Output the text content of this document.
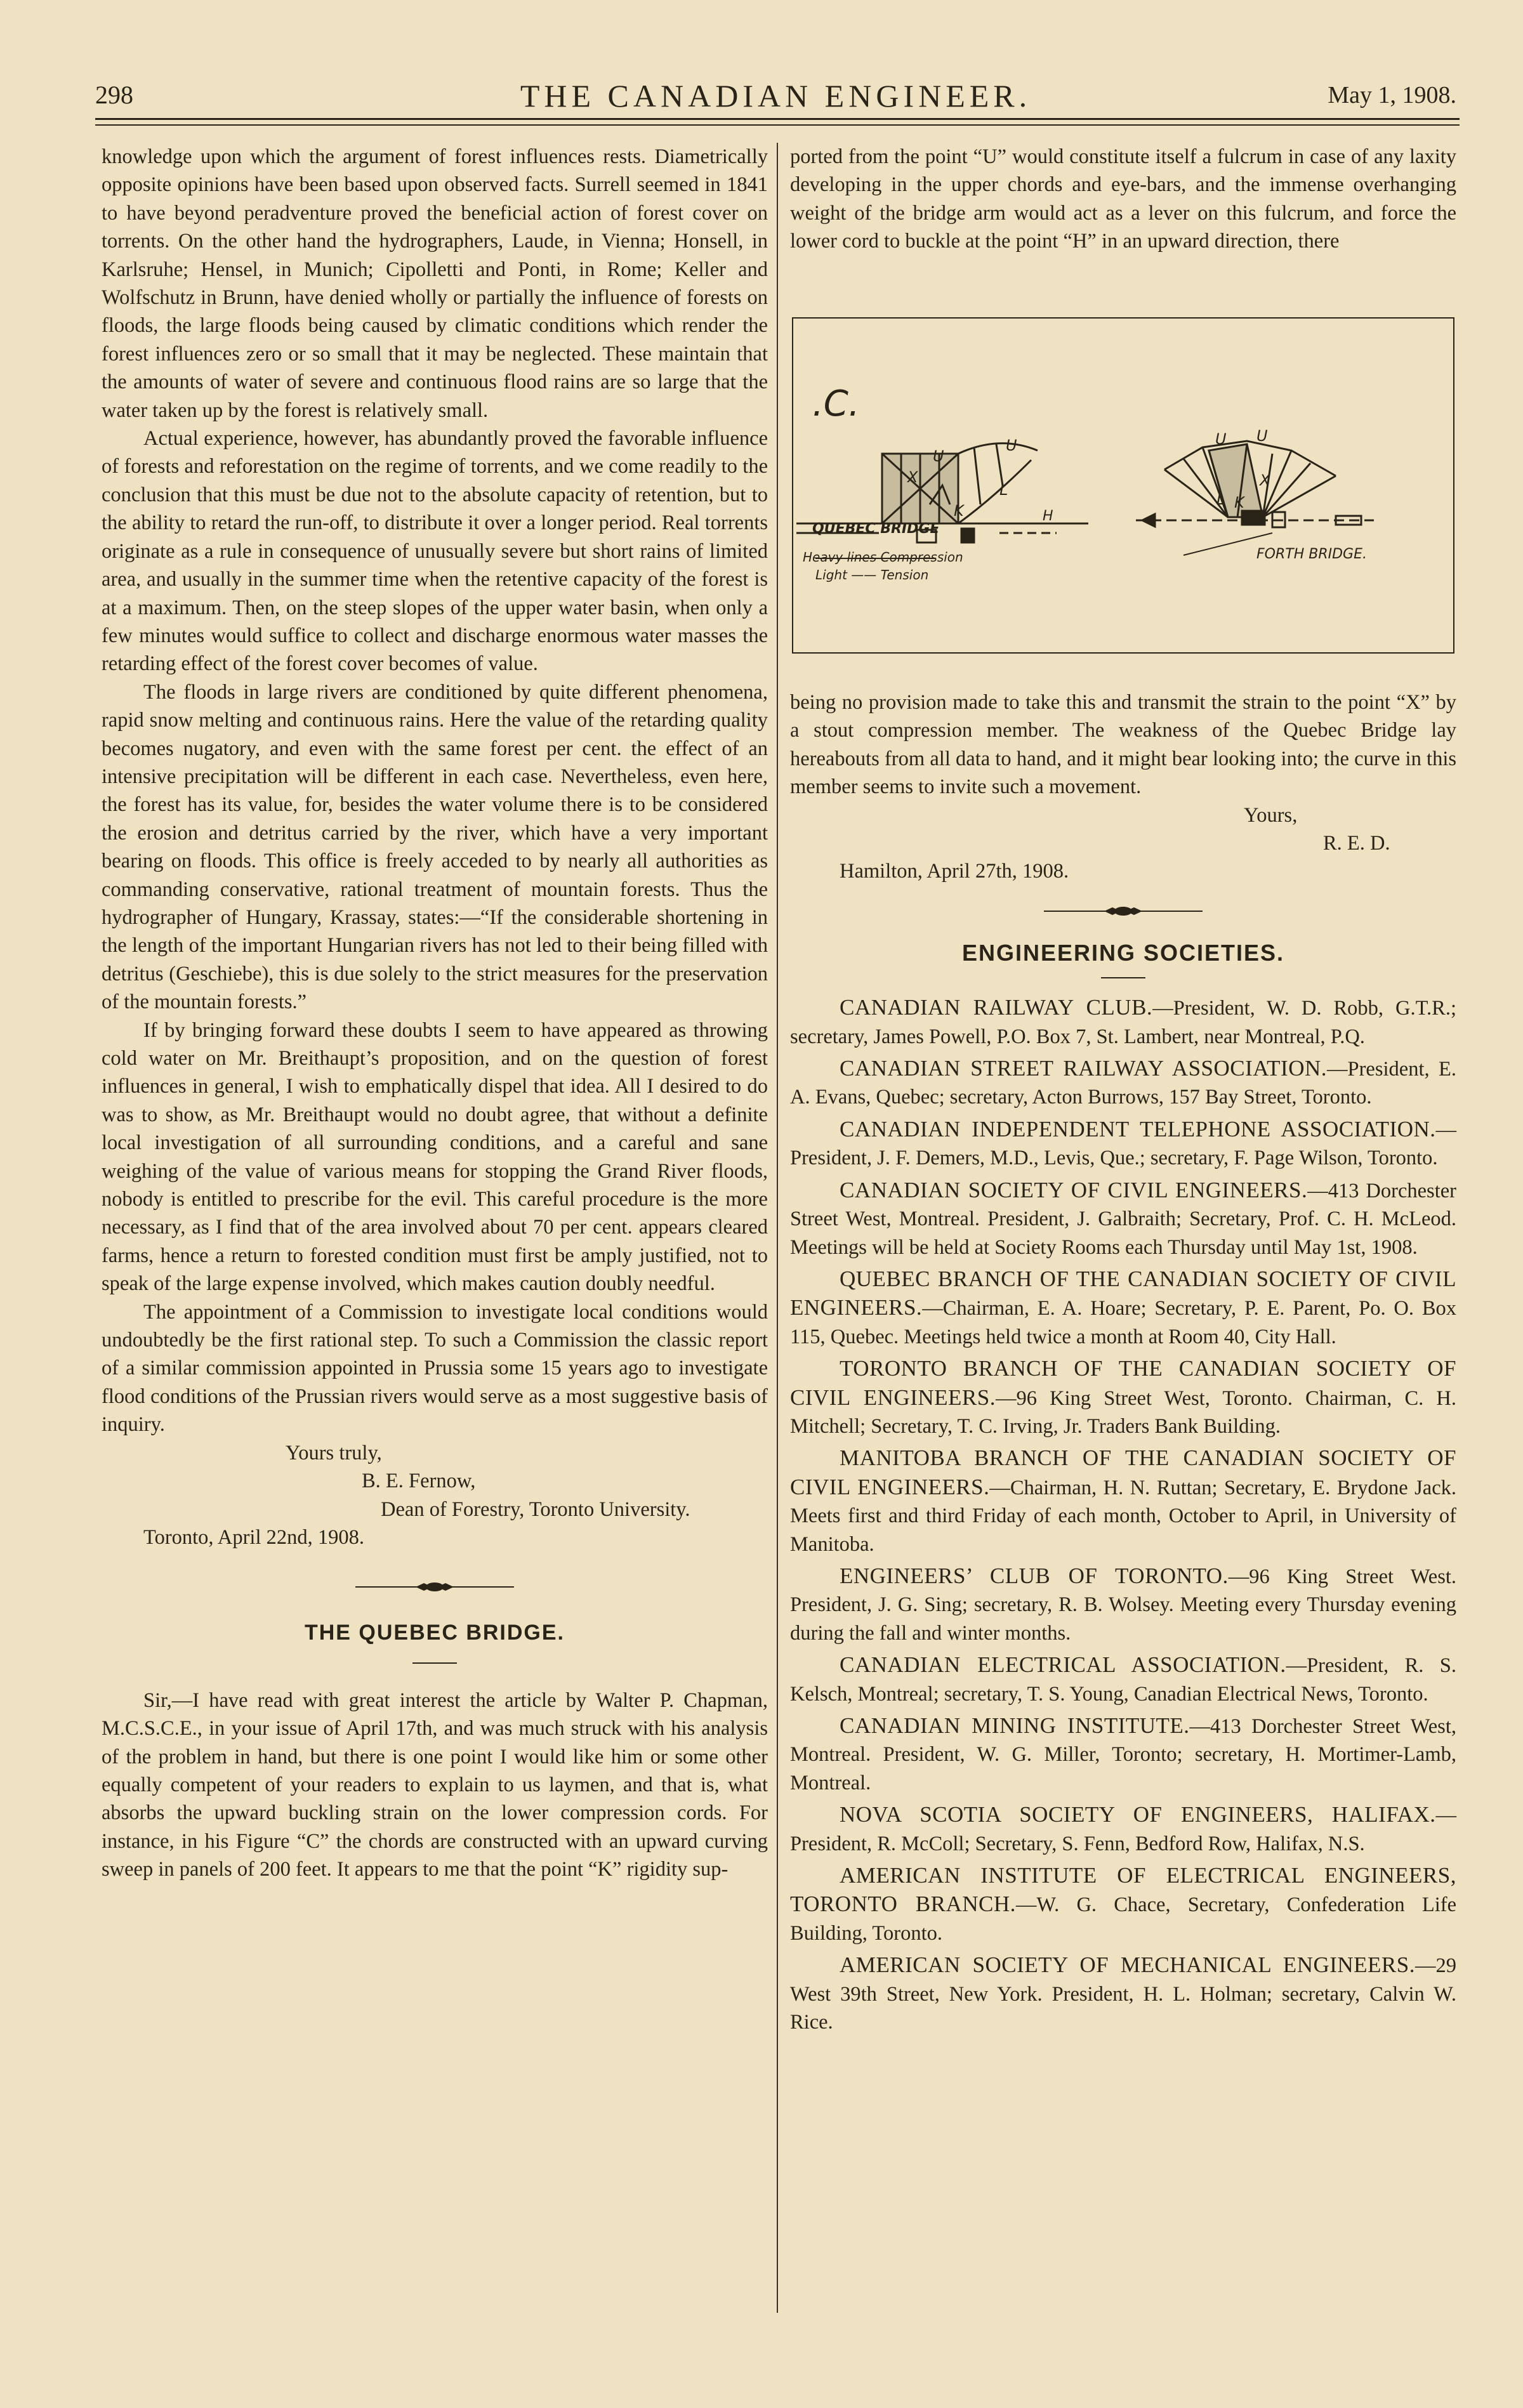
298	THE CANADIAN ENGINEER.	May 1, 1908.

knowledge upon which the argument of forest influences rests. Diametrically opposite opinions have been based upon observed facts. Surrell seemed in 1841 to have beyond peradventure proved the beneficial action of forest cover on torrents. On the other hand the hydrographers, Laude, in Vienna; Honsell, in Karlsruhe; Hensel, in Munich; Cipolletti and Ponti, in Rome; Keller and Wolfschutz in Brunn, have denied wholly or partially the influence of forests on floods, the large floods being caused by climatic conditions which render the forest influences zero or so small that it may be neglected. These maintain that the amounts of water of severe and continuous flood rains are so large that the water taken up by the forest is relatively small.

Actual experience, however, has abundantly proved the favorable influence of forests and reforestation on the regime of torrents, and we come readily to the conclusion that this must be due not to the absolute capacity of retention, but to the ability to retard the run-off, to distribute it over a longer period. Real torrents originate as a rule in consequence of unusually severe but short rains of limited area, and usually in the summer time when the retentive capacity of the forest is at a maximum. Then, on the steep slopes of the upper water basin, when only a few minutes would suffice to collect and discharge enormous water masses the retarding effect of the forest cover becomes of value.

The floods in large rivers are conditioned by quite different phenomena, rapid snow melting and continuous rains. Here the value of the retarding quality becomes nugatory, and even with the same forest per cent. the effect of an intensive precipitation will be different in each case. Nevertheless, even here, the forest has its value, for, besides the water volume there is to be considered the erosion and detritus carried by the river, which have a very important bearing on floods. This office is freely acceded to by nearly all authorities as commanding conservative, rational treatment of mountain forests. Thus the hydrographer of Hungary, Krassay, states:—“If the considerable shortening in the length of the important Hungarian rivers has not led to their being filled with detritus (Geschiebe), this is due solely to the strict measures for the preservation of the mountain forests.”

If by bringing forward these doubts I seem to have appeared as throwing cold water on Mr. Breithaupt’s proposition, and on the question of forest influences in general, I wish to emphatically dispel that idea. All I desired to do was to show, as Mr. Breithaupt would no doubt agree, that without a definite local investigation of all surrounding conditions, and a careful and sane weighing of the value of various means for stopping the Grand River floods, nobody is entitled to prescribe for the evil. This careful procedure is the more necessary, as I find that of the area involved about 70 per cent. appears cleared farms, hence a return to forested condition must first be amply justified, not to speak of the large expense involved, which makes caution doubly needful.

The appointment of a Commission to investigate local conditions would undoubtedly be the first rational step. To such a Commission the classic report of a similar commission appointed in Prussia some 15 years ago to investigate flood conditions of the Prussian rivers would serve as a most suggestive basis of inquiry.

Yours truly,

B. E. Fernow,

Dean of Forestry, Toronto University.

Toronto, April 22nd, 1908.

THE QUEBEC BRIDGE.

Sir,—I have read with great interest the article by Walter P. Chapman, M.C.S.C.E., in your issue of April 17th, and was much struck with his analysis of the problem in hand, but there is one point I would like him or some other equally competent of your readers to explain to us laymen, and that is, what absorbs the upward buckling strain on the lower compression cords. For instance, in his Figure “C” the chords are constructed with an upward curving sweep in panels of 200 feet. It appears to me that the point “K” rigidity sup-

ported from the point “U” would constitute itself a fulcrum in case of any laxity developing in the upper chords and eye-bars, and the immense overhanging weight of the bridge arm would act as a lever on this fulcrum, and force the lower cord to buckle at the point “H” in an upward direction, there

.C.
QUEBEC BRIDGE
Heavy lines Compression
Light —— Tension
U
U
L
K
X
H
U U
X
L K
FORTH BRIDGE.

being no provision made to take this and transmit the strain to the point “X” by a stout compression member. The weakness of the Quebec Bridge lay hereabouts from all data to hand, and it might bear looking into; the curve in this member seems to invite such a movement.

Yours,

R. E. D.

Hamilton, April 27th, 1908.

ENGINEERING SOCIETIES.

CANADIAN RAILWAY CLUB.—President, W. D. Robb, G.T.R.; secretary, James Powell, P.O. Box 7, St. Lambert, near Montreal, P.Q.

CANADIAN STREET RAILWAY ASSOCIATION.—President, E. A. Evans, Quebec; secretary, Acton Burrows, 157 Bay Street, Toronto.

CANADIAN INDEPENDENT TELEPHONE ASSOCIATION.—President, J. F. Demers, M.D., Levis, Que.; secretary, F. Page Wilson, Toronto.

CANADIAN SOCIETY OF CIVIL ENGINEERS.—413 Dorchester Street West, Montreal. President, J. Galbraith; Secretary, Prof. C. H. McLeod. Meetings will be held at Society Rooms each Thursday until May 1st, 1908.

QUEBEC BRANCH OF THE CANADIAN SOCIETY OF CIVIL ENGINEERS.—Chairman, E. A. Hoare; Secretary, P. E. Parent, Po. O. Box 115, Quebec. Meetings held twice a month at Room 40, City Hall.

TORONTO BRANCH OF THE CANADIAN SOCIETY OF CIVIL ENGINEERS.—96 King Street West, Toronto. Chairman, C. H. Mitchell; Secretary, T. C. Irving, Jr. Traders Bank Building.

MANITOBA BRANCH OF THE CANADIAN SOCIETY OF CIVIL ENGINEERS.—Chairman, H. N. Ruttan; Secretary, E. Brydone Jack. Meets first and third Friday of each month, October to April, in University of Manitoba.

ENGINEERS’ CLUB OF TORONTO.—96 King Street West. President, J. G. Sing; secretary, R. B. Wolsey. Meeting every Thursday evening during the fall and winter months.

CANADIAN ELECTRICAL ASSOCIATION.—President, R. S. Kelsch, Montreal; secretary, T. S. Young, Canadian Electrical News, Toronto.

CANADIAN MINING INSTITUTE.—413 Dorchester Street West, Montreal. President, W. G. Miller, Toronto; secretary, H. Mortimer-Lamb, Montreal.

NOVA SCOTIA SOCIETY OF ENGINEERS, HALIFAX.—President, R. McColl; Secretary, S. Fenn, Bedford Row, Halifax, N.S.

AMERICAN INSTITUTE OF ELECTRICAL ENGINEERS, TORONTO BRANCH.—W. G. Chace, Secretary, Confederation Life Building, Toronto.

AMERICAN SOCIETY OF MECHANICAL ENGINEERS.—29 West 39th Street, New York. President, H. L. Holman; secretary, Calvin W. Rice.
